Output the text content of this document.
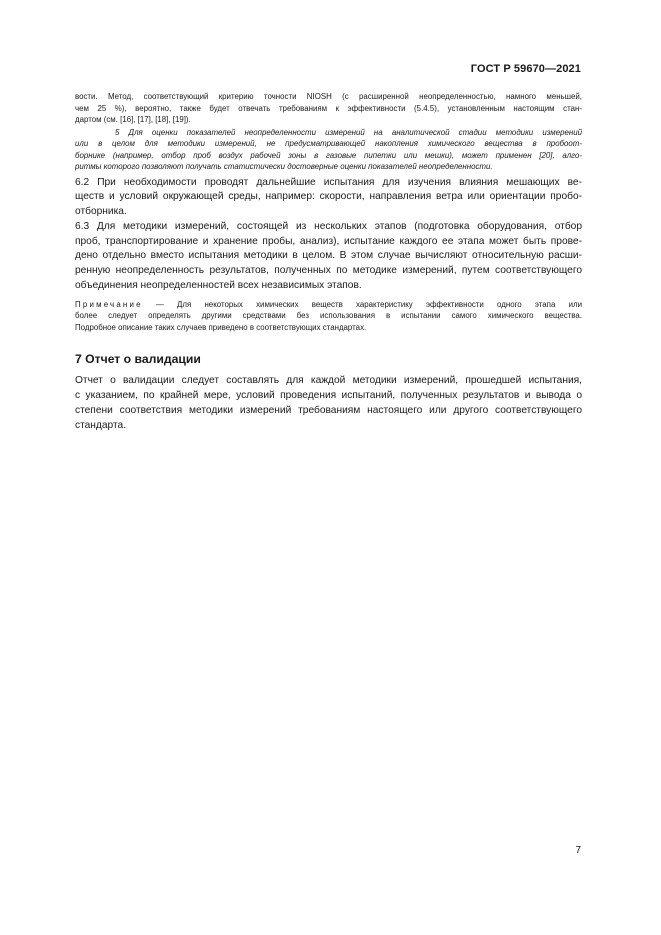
ГОСТ Р 59670—2021
вости. Метод, соответствующий критерию точности NIOSH (с расширенной неопределенностью, намного меньшей,
чем 25 %), вероятно, также будет отвечать требованиям к эффективности (5.4.5), установленным настоящим стан-
дартом (см. [16], [17], [18], [19]).
5 Для оценки показателей неопределенности измерений на аналитической стадии методики измерений
или в целом для методики измерений, не предусматривающей накопления химического вещества в пробоот-
борнике (например, отбор проб воздух рабочей зоны в газовые пипетки или мешки), может применен [20], алго-
ритмы которого позволяют получать статистически достоверные оценки показателей неопределенности.
6.2 При необходимости проводят дальнейшие испытания для изучения влияния мешающих ве-
ществ и условий окружающей среды, например: скорости, направления ветра или ориентации пробо-
отборника.
6.3 Для методики измерений, состоящей из нескольких этапов (подготовка оборудования, отбор
проб, транспортирование и хранение пробы, анализ), испытание каждого ее этапа может быть прове-
дено отдельно вместо испытания методики в целом. В этом случае вычисляют относительную расши-
ренную неопределенность результатов, полученных по методике измерений, путем соответствующего
объединения неопределенностей всех независимых этапов.
Примечание — Для некоторых химических веществ характеристику эффективности одного этапа или
более следует определять другими средствами без использования в испытании самого химического вещества.
Подробное описание таких случаев приведено в соответствующих стандартах.
7 Отчет о валидации
Отчет о валидации следует составлять для каждой методики измерений, прошедшей испытания,
с указанием, по крайней мере, условий проведения испытаний, полученных результатов и вывода о
степени соответствия методики измерений требованиям настоящего или другого соответствующего
стандарта.
7
